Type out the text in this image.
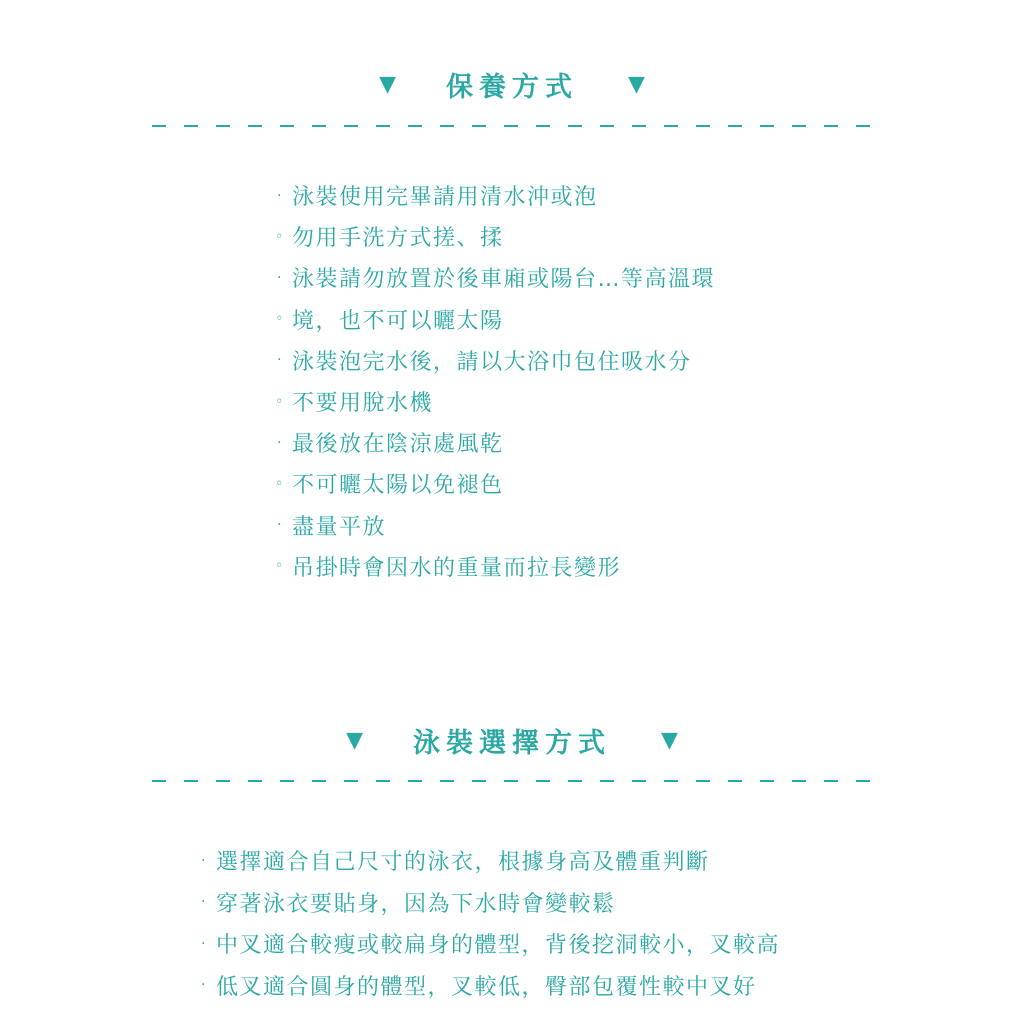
▼ 保養方式 ▼
· 泳裝使用完畢請用清水沖或泡
◦ 勿用手洗方式搓、揉
· 泳裝請勿放置於後車廂或陽台…等高溫環
◦ 境，也不可以曬太陽
· 泳裝泡完水後，請以大浴巾包住吸水分
◦ 不要用脫水機
· 最後放在陰涼處風乾
◦ 不可曬太陽以免褪色
· 盡量平放
◦ 吊掛時會因水的重量而拉長變形
▼ 泳裝選擇方式 ▼
· 選擇適合自己尺寸的泳衣，根據身高及體重判斷
· 穿著泳衣要貼身，因為下水時會變較鬆
· 中叉適合較瘦或較扁身的體型，背後挖洞較小，叉較高
· 低叉適合圓身的體型，叉較低，臀部包覆性較中叉好
